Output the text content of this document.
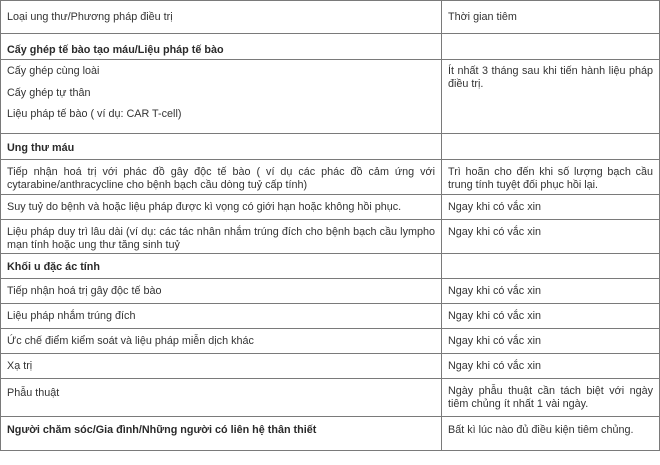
Loại ung thư/Phương pháp điều trị	Thời gian tiêm
Cấy ghép tế bào tạo máu/Liệu pháp tế bào	

Cấy ghép cùng loài
Cấy ghép tự thân
Liệu pháp tế bào ( ví dụ: CAR T-cell)	Ít nhất 3 tháng sau khi tiến hành liệu pháp điều trị.
Ung thư máu	
Tiếp nhận hoá trị với phác đồ gây độc tế bào ( ví dụ các phác đồ cảm ứng với cytarabine/anthracycline cho bệnh bạch cầu dòng tuỷ cấp tính)	Trì hoãn cho đến khi số lượng bạch cầu trung tính tuyệt đối phục hồi lại.
Suy tuỷ do bệnh và hoặc liệu pháp được kì vọng có giới hạn hoặc không hồi phục.	Ngay khi có vắc xin
Liệu pháp duy trì lâu dài (ví dụ: các tác nhân nhắm trúng đích cho bệnh bạch cầu lympho mạn tính hoặc ung thư tăng sinh tuỷ	Ngay khi có vắc xin
Khối u đặc ác tính	
Tiếp nhận hoá trị gây độc tế bào	Ngay khi có vắc xin
Liệu pháp nhắm trúng đích	Ngay khi có vắc xin
Ức chế điểm kiểm soát và liệu pháp miễn dịch khác	Ngay khi có vắc xin
Xạ trị	Ngay khi có vắc xin
Phẫu thuật	Ngày phẫu thuật cần tách biệt với ngày tiêm chủng ít nhất 1 vài ngày.
Người chăm sóc/Gia đình/Những người có liên hệ thân thiết	Bất kì lúc nào đủ điều kiện tiêm chủng.
